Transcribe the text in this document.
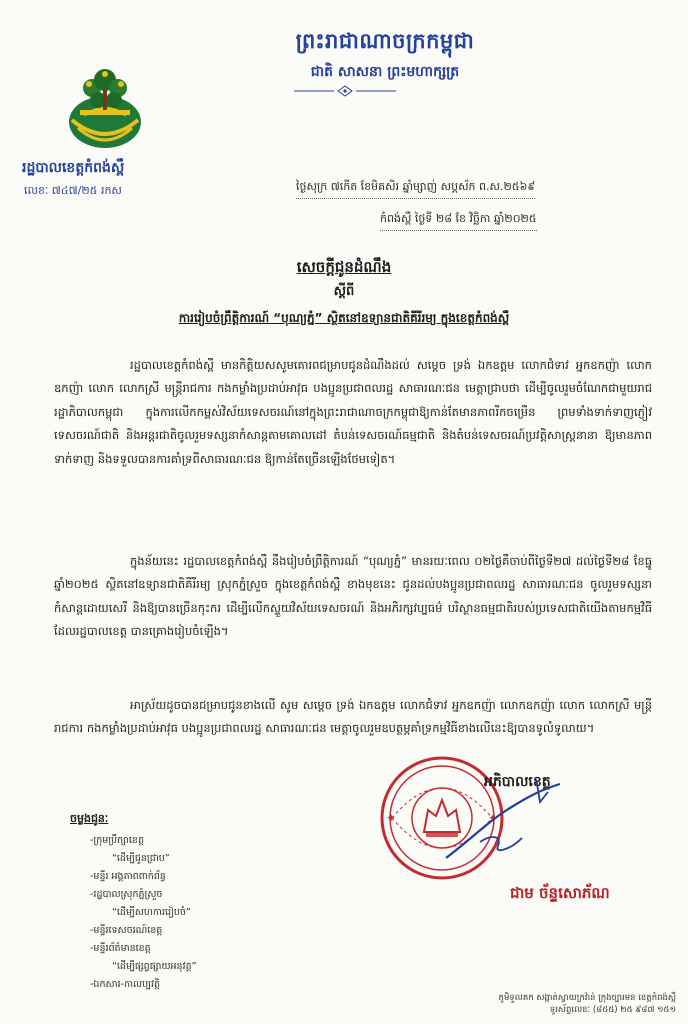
ព្រះរាជាណាចក្រកម្ពុជា
ជាតិ សាសនា ព្រះមហាក្សត្រ
រដ្ឋបាលខេត្តកំពង់ស្ពឺ
លេខៈ ៧៤៧/២៥ រកស	ថ្ងៃសុក្រ ៧កើត ខែមិគសិរ ឆ្នាំម្សាញ់ សប្តស័ក ព.ស.២៥៦៩
កំពង់ស្ពឺ ថ្ងៃទី ២៨ ខែ វិច្ឆិកា ឆ្នាំ២០២៥
សេចក្តីជូនដំណឹង
ស្តីពី
ការរៀបចំព្រឹត្តិការណ៍ “បុណ្យភ្នំ” ស្ថិតនៅឧទ្យានជាតិគីរីរម្យ ក្នុងខេត្តកំពង់ស្ពឺ

រដ្ឋបាលខេត្តកំពង់ស្ពឺ មានកិត្តិយសសូមគោរពជម្រាបជូនដំណឹងដល់ សម្តេច ទ្រង់ ឯកឧត្តម លោកជំទាវ អ្នកឧកញ៉ា លោកឧកញ៉ា លោក លោកស្រី មន្ត្រីរាជការ កងកម្លាំងប្រដាប់អាវុធ បងប្អូនប្រជាពលរដ្ឋ សាធារណៈជន មេត្តាជ្រាបថា ដើម្បីចូលរួមចំណែកជាមួយរាជរដ្ឋាភិបាលកម្ពុជា ក្នុងការលើកកម្ពស់វិស័យទេសចរណ៍នៅក្នុងព្រះរាជាណាចក្រកម្ពុជាឱ្យកាន់តែមានភាពរីកចម្រើន ព្រមទាំងទាក់ទាញភ្ញៀវទេសចរណ៍ជាតិ និងអន្តរជាតិចូលរួមទស្សនាកំសាន្តតាមគោលដៅ តំបន់ទេសចរណ៍ធម្មជាតិ និងតំបន់ទេសចរណ៍ប្រវត្តិសាស្ត្រនានា ឱ្យមានភាពទាក់ទាញ និងទទួលបានការគាំទ្រពីសាធារណៈជន ឱ្យកាន់តែច្រើនឡើងថែមទៀត។

ក្នុងន័យនេះ រដ្ឋបាលខេត្តកំពង់ស្ពឺ នឹងរៀបចំព្រឹត្តិការណ៍ “បុណ្យភ្នំ” មានរយៈពេល ០២ថ្ងៃគឺចាប់ពីថ្ងៃទី២៧ ដល់ថ្ងៃទី២៨ ខែធ្នូ ឆ្នាំ២០២៥ ស្ថិតនៅឧទ្យានជាតិគីរីរម្យ ស្រុកភ្នំស្រួច ក្នុងខេត្តកំពង់ស្ពឺ ខាងមុខនេះ ជូនដល់បងប្អូនប្រជាពលរដ្ឋ សាធារណៈជន ចូលរួមទស្សនាកំសាន្តដោយសេរី និងឱ្យបានច្រើនកុះករ ដើម្បីលើកស្ទួយវិស័យទេសចរណ៍ និងអភិរក្សវប្បធម៌ បរិស្ថានធម្មជាតិរបស់ប្រទេសជាតិយើងតាមកម្មវិធីដែលរដ្ឋបាលខេត្ត បានគ្រោងរៀបចំឡើង។

អាស្រ័យដូចបានជម្រាបជូនខាងលើ សូម សម្តេច ទ្រង់ ឯកឧត្តម លោកជំទាវ អ្នកឧកញ៉ា លោកឧកញ៉ា លោក លោកស្រី មន្ត្រីរាជការ កងកម្លាំងប្រដាប់អាវុធ បងប្អូនប្រជាពលរដ្ឋ សាធារណៈជន មេត្តាចូលរួមឧបត្ថម្ភគាំទ្រកម្មវិធីខាងលើនេះឱ្យបានទូលំទូលាយ។

✦	✦
អភិបាលខេត្ត
ជាម ច័ន្ទសោភ័ណ
ចម្លងជូនៈ
-ក្រុមប្រឹក្សាខេត្ត
“ដើម្បីជូនជ្រាប”
-មន្ទីរ អង្គភាពពាក់ព័ន្ធ
-រដ្ឋបាលស្រុកភ្នំស្រួច
“ដើម្បីសហការរៀបចំ”
-មន្ទីរទេសចរណ៍ខេត្ត
-មន្ទីរព័ត៌មានខេត្ត
“ដើម្បីផ្សព្វផ្សាយអនុវត្ត”
-ឯកសារ-កាលប្បវត្តិ
ភូមិទួលគក សង្កាត់ស្វាយក្រវ៉ាន់ ក្រុងច្បារមន ខេត្តកំពង់ស្ពឺ
ទូរស័ព្ទលេខៈ (៨៥៥) ២៥ ៩៨៧ ១៥១
